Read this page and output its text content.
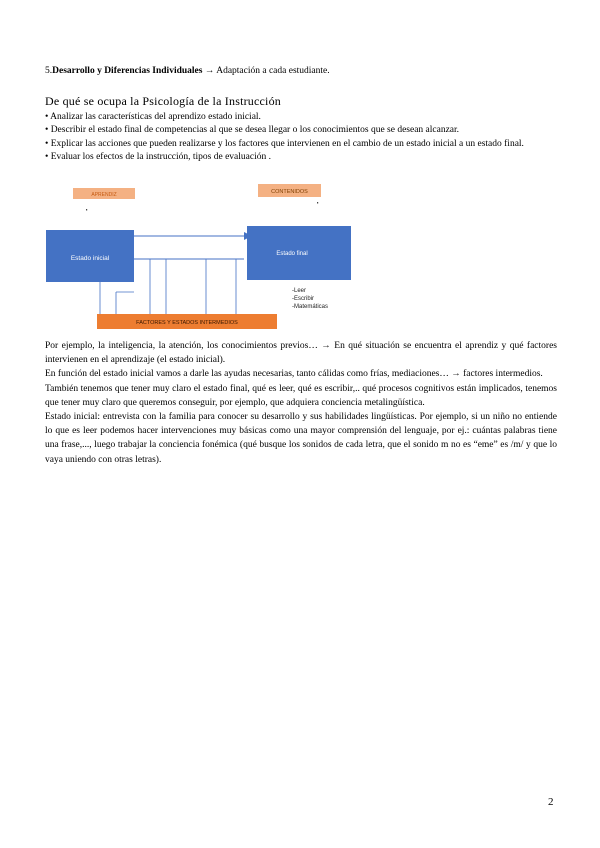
5.Desarrollo y Diferencias Individuales → Adaptación a cada estudiante.
De qué se ocupa la Psicología de la Instrucción

• Analizar las características del aprendizo estado inicial.

• Describir el estado final de competencias al que se desea llegar o los conocimientos que se desean alcanzar.

• Explicar las acciones que pueden realizarse y los factores que intervienen en el cambio de un estado inicial a un estado final.

• Evaluar los efectos de la instrucción, tipos de evaluación .

APRENDIZ	CONTENIDOS
Estado inicial
Estado final
-Leer
-Escribir
-Matemáticas
FACTORES Y ESTADOS INTERMEDIOS

Por ejemplo, la inteligencia, la atención, los conocimientos previos… → En qué situación se encuentra el aprendiz y qué factores intervienen en el aprendizaje (el estado inicial).

En función del estado inicial vamos a darle las ayudas necesarias, tanto cálidas como frías, mediaciones… → factores intermedios.

También tenemos que tener muy claro el estado final, qué es leer, qué es escribir,.. qué procesos cognitivos están implicados, tenemos que tener muy claro que queremos conseguir, por ejemplo, que adquiera conciencia metalingüística.

Estado inicial: entrevista con la familia para conocer su desarrollo y sus habilidades lingüísticas. Por ejemplo, si un niño no entiende lo que es leer podemos hacer intervenciones muy básicas como una mayor comprensión del lenguaje, por ej.: cuántas palabras tiene una frase,..., luego trabajar la conciencia fonémica (qué busque los sonidos de cada letra, que el sonido m no es “eme” es /m/ y que lo vaya uniendo con otras letras).

2
